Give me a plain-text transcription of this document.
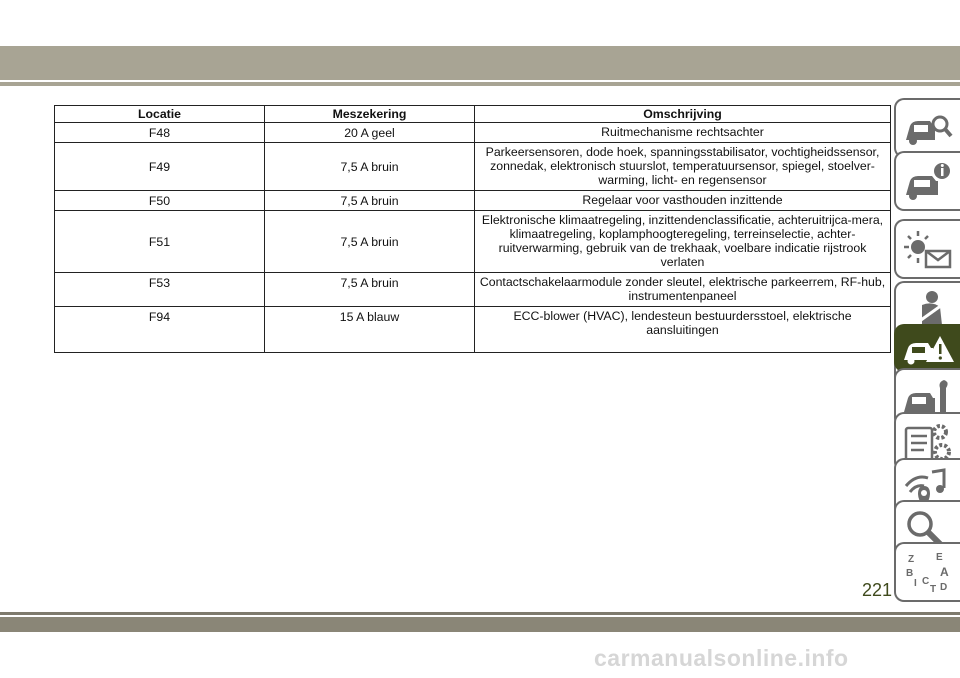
Locatie	Meszekering	Omschrijving
F48	20 A geel	Ruitmechanisme rechtsachter
F49	7,5 A bruin	Parkeersensoren, dode hoek, spanningsstabilisator, vochtigheidssensor, zonnedak, elektronisch stuurslot, temperatuursensor, spiegel, stoelver-warming, licht- en regensensor
F50	7,5 A bruin	Regelaar voor vasthouden inzittende
F51	7,5 A bruin	Elektronische klimaatregeling, inzittendenclassificatie, achteruitrijca-mera, klimaatregeling, koplamphoogteregeling, terreinselectie, achter-ruitverwarming, gebruik van de trekhaak, voelbare indicatie rijstrook verlaten
F53	7,5 A bruin	Contactschakelaarmodule zonder sleutel, elektrische parkeerrem, RF-hub, instrumentenpaneel
F94	15 A blauw	ECC-blower (HVAC), lendesteun bestuurdersstoel, elektrische aansluitingen
Z E
B A
I C
T D
221
carmanualsonline.info
